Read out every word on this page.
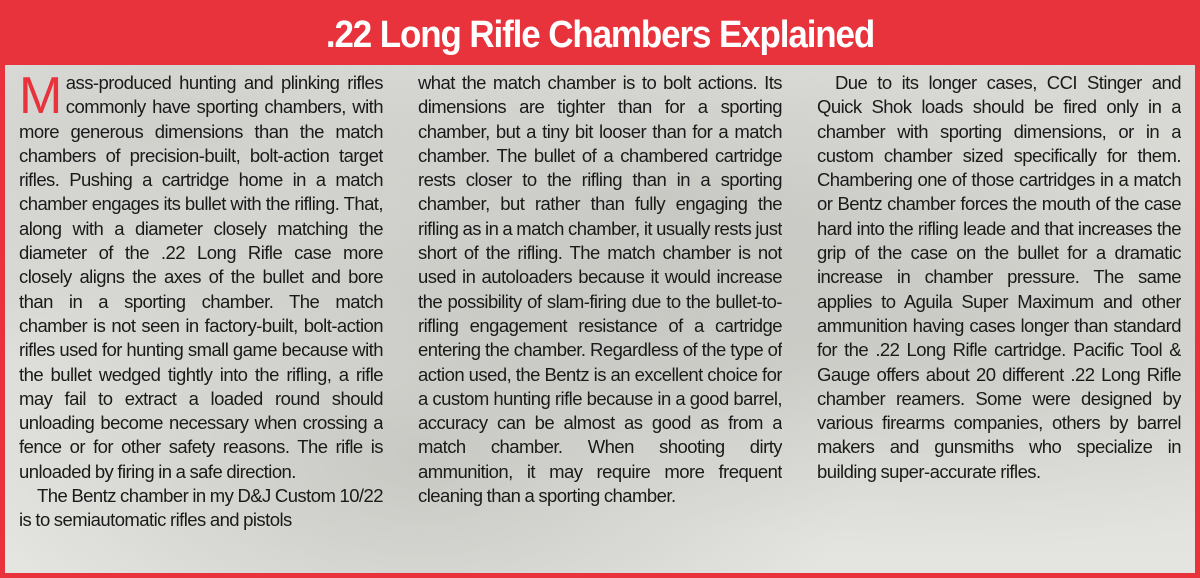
.22 Long Rifle Chambers Explained

Mass-produced hunting and plinking rifles commonly have sporting chambers, with more generous dimensions than the match chambers of precision-built, bolt-action target rifles. Pushing a cartridge home in a match chamber engages its bullet with the rifling. That, along with a diameter closely matching the diameter of the .22 Long Rifle case more closely aligns the axes of the bullet and bore than in a sporting chamber. The match chamber is not seen in factory-built, bolt-action rifles used for hunting small game because with the bullet wedged tightly into the rifling, a rifle may fail to extract a loaded round should unloading become necessary when crossing a fence or for other safety reasons. The rifle is unloaded by firing in a safe direction.

The Bentz chamber in my D&J Custom 10/22 is to semiautomatic rifles and pistols

what the match chamber is to bolt actions. Its dimensions are tighter than for a sporting chamber, but a tiny bit looser than for a match chamber. The bullet of a chambered cartridge rests closer to the rifling than in a sporting chamber, but rather than fully engaging the rifling as in a match chamber, it usually rests just short of the rifling. The match chamber is not used in autoloaders because it would increase the possibility of slam-firing due to the bullet-to-rifling engagement resistance of a cartridge entering the chamber. Regardless of the type of action used, the Bentz is an excellent choice for a custom hunting rifle because in a good barrel, accuracy can be almost as good as from a match chamber. When shooting dirty ammunition, it may require more frequent cleaning than a sporting chamber.

Due to its longer cases, CCI Stinger and Quick Shok loads should be fired only in a chamber with sporting dimensions, or in a custom chamber sized specifically for them. Chambering one of those cartridges in a match or Bentz chamber forces the mouth of the case hard into the rifling leade and that increases the grip of the case on the bullet for a dramatic increase in chamber pressure. The same applies to Aguila Super Maximum and other ammunition having cases longer than standard for the .22 Long Rifle cartridge. Pacific Tool & Gauge offers about 20 different .22 Long Rifle chamber reamers. Some were designed by various firearms companies, others by barrel makers and gunsmiths who specialize in building super-accurate rifles.
